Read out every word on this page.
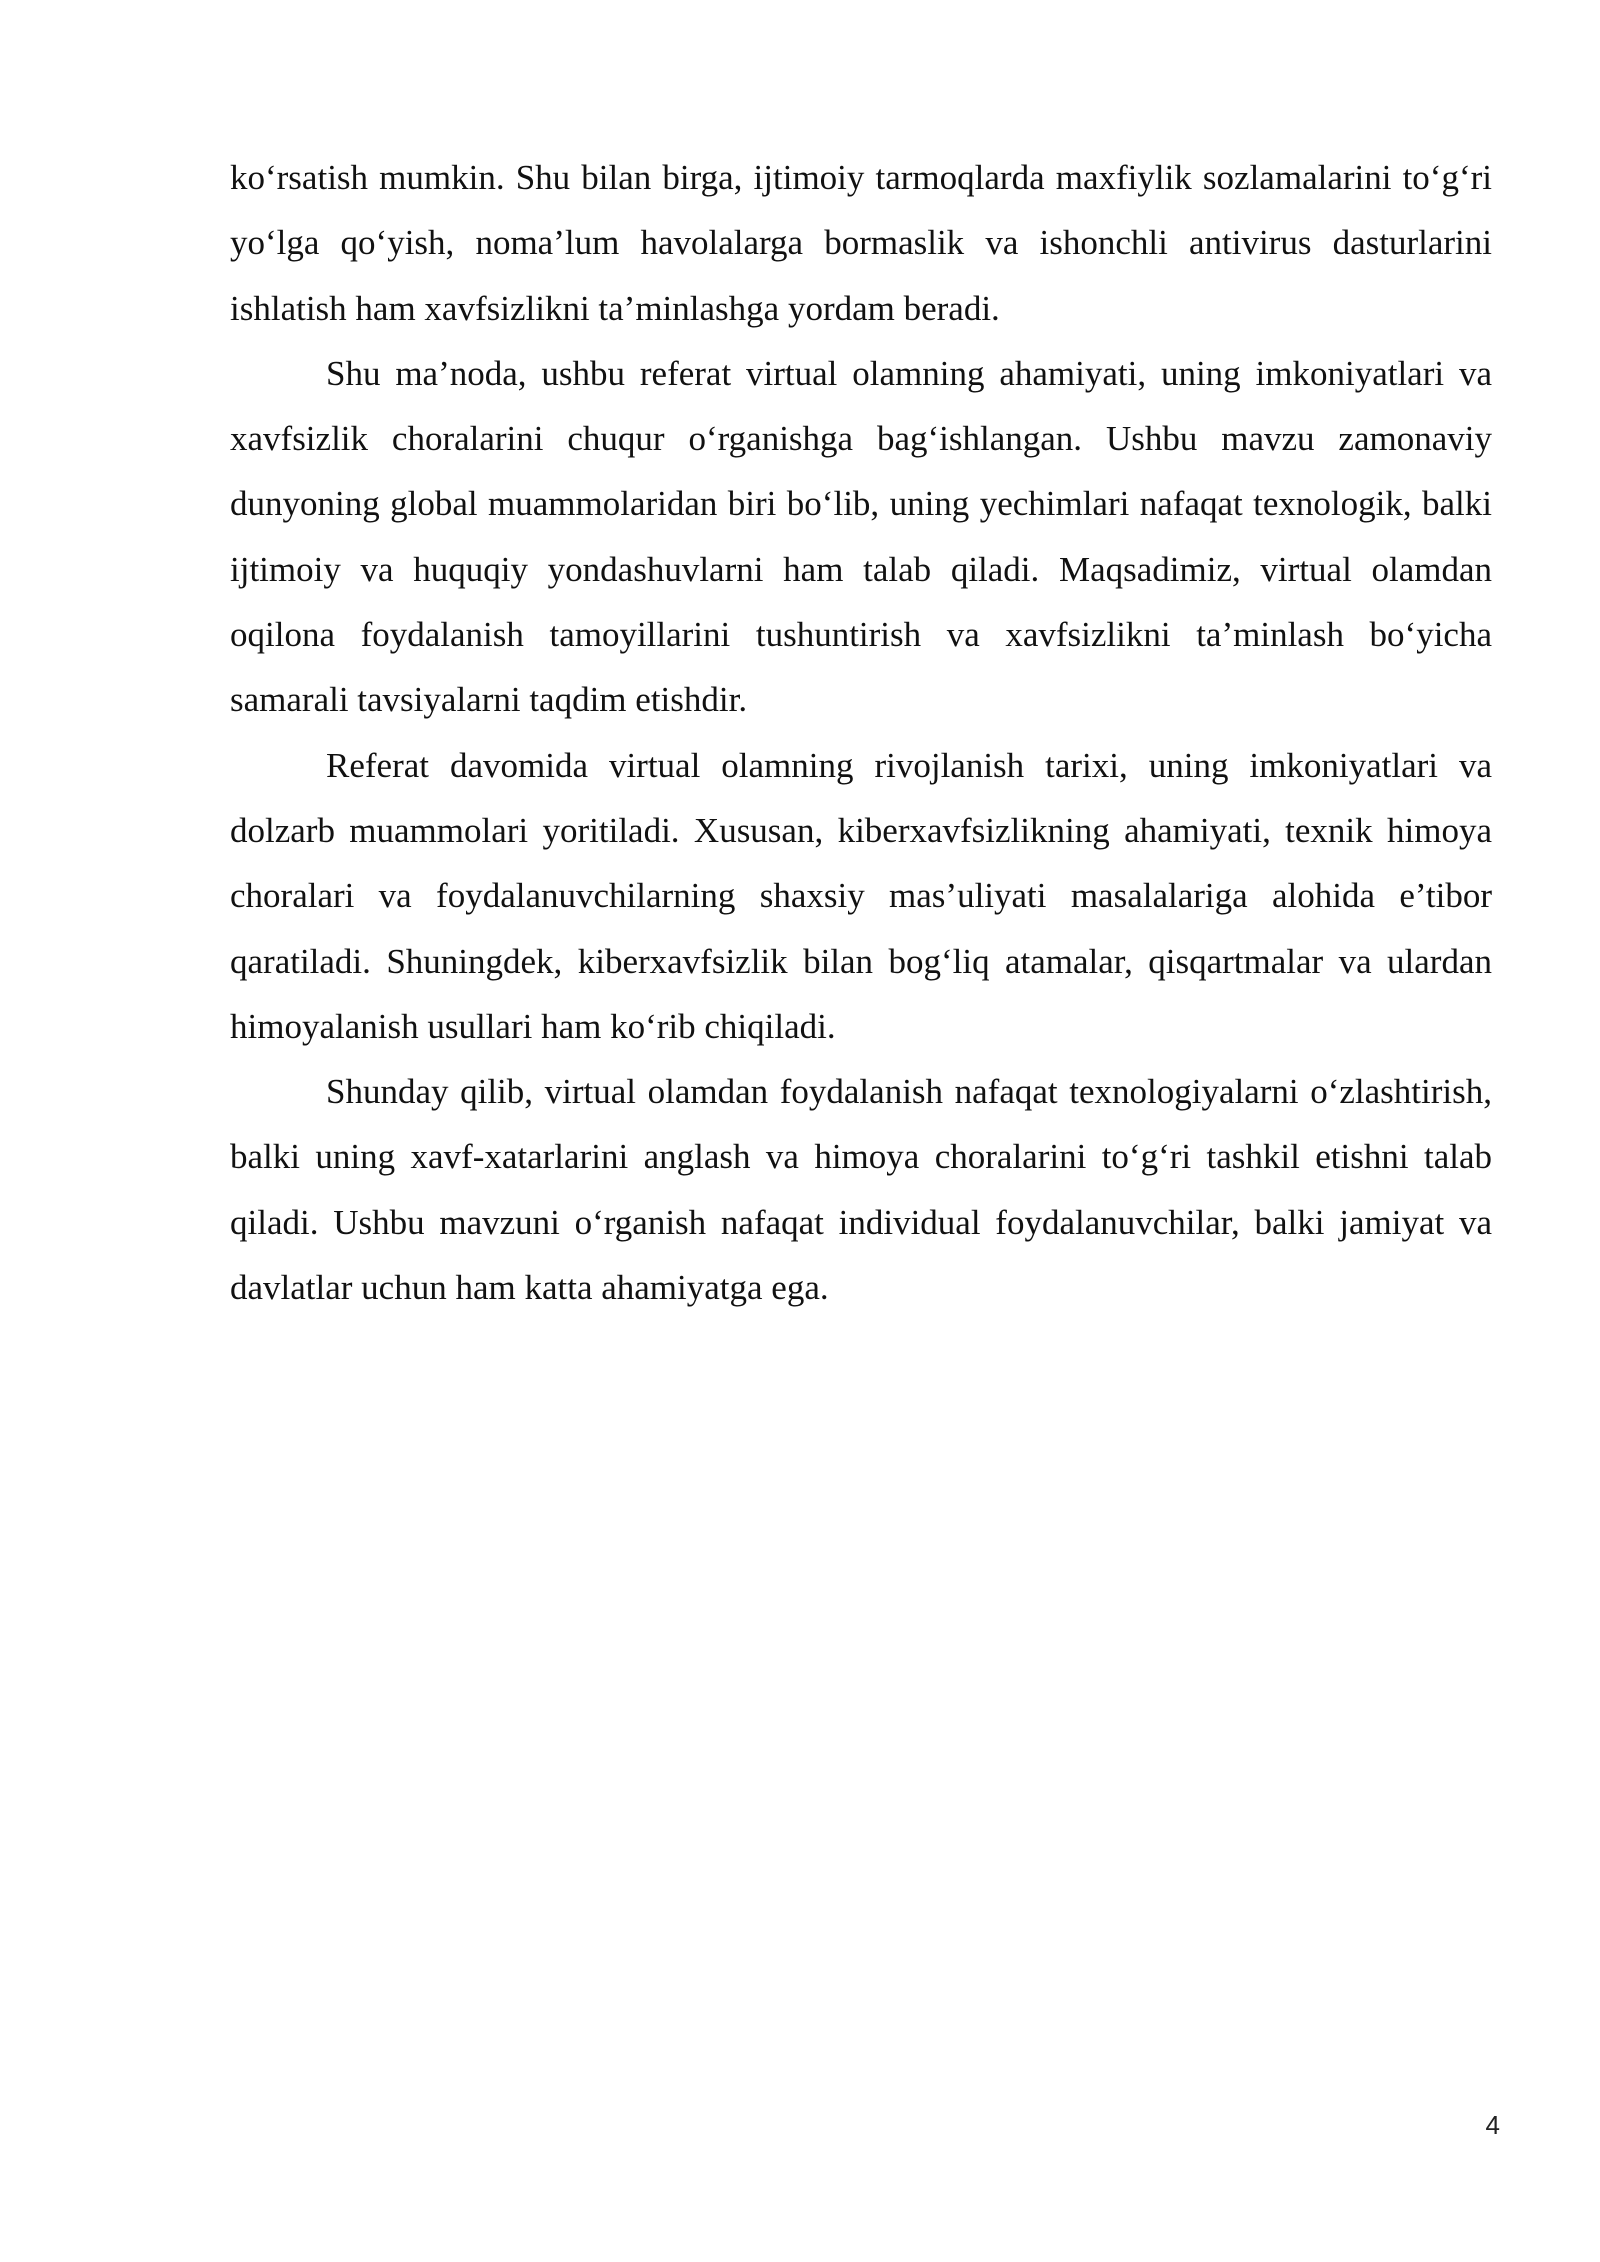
ko‘rsatish mumkin. Shu bilan birga, ijtimoiy tarmoqlarda maxfiylik sozlamalarini to‘g‘ri yo‘lga qo‘yish, noma’lum havolalarga bormaslik va ishonchli antivirus dasturlarini ishlatish ham xavfsizlikni ta’minlashga yordam beradi.

Shu ma’noda, ushbu referat virtual olamning ahamiyati, uning imkoniyatlari va xavfsizlik choralarini chuqur o‘rganishga bag‘ishlangan. Ushbu mavzu zamonaviy dunyoning global muammolaridan biri bo‘lib, uning yechimlari nafaqat texnologik, balki ijtimoiy va huquqiy yondashuvlarni ham talab qiladi. Maqsadimiz, virtual olamdan oqilona foydalanish tamoyillarini tushuntirish va xavfsizlikni ta’minlash bo‘yicha samarali tavsiyalarni taqdim etishdir.

Referat davomida virtual olamning rivojlanish tarixi, uning imkoniyatlari va dolzarb muammolari yoritiladi. Xususan, kiberxavfsizlikning ahamiyati, texnik himoya choralari va foydalanuvchilarning shaxsiy mas’uliyati masalalariga alohida e’tibor qaratiladi. Shuningdek, kiberxavfsizlik bilan bog‘liq atamalar, qisqartmalar va ulardan himoyalanish usullari ham ko‘rib chiqiladi.

Shunday qilib, virtual olamdan foydalanish nafaqat texnologiyalarni o‘zlashtirish, balki uning xavf-xatarlarini anglash va himoya choralarini to‘g‘ri tashkil etishni talab qiladi. Ushbu mavzuni o‘rganish nafaqat individual foydalanuvchilar, balki jamiyat va davlatlar uchun ham katta ahamiyatga ega.

4
